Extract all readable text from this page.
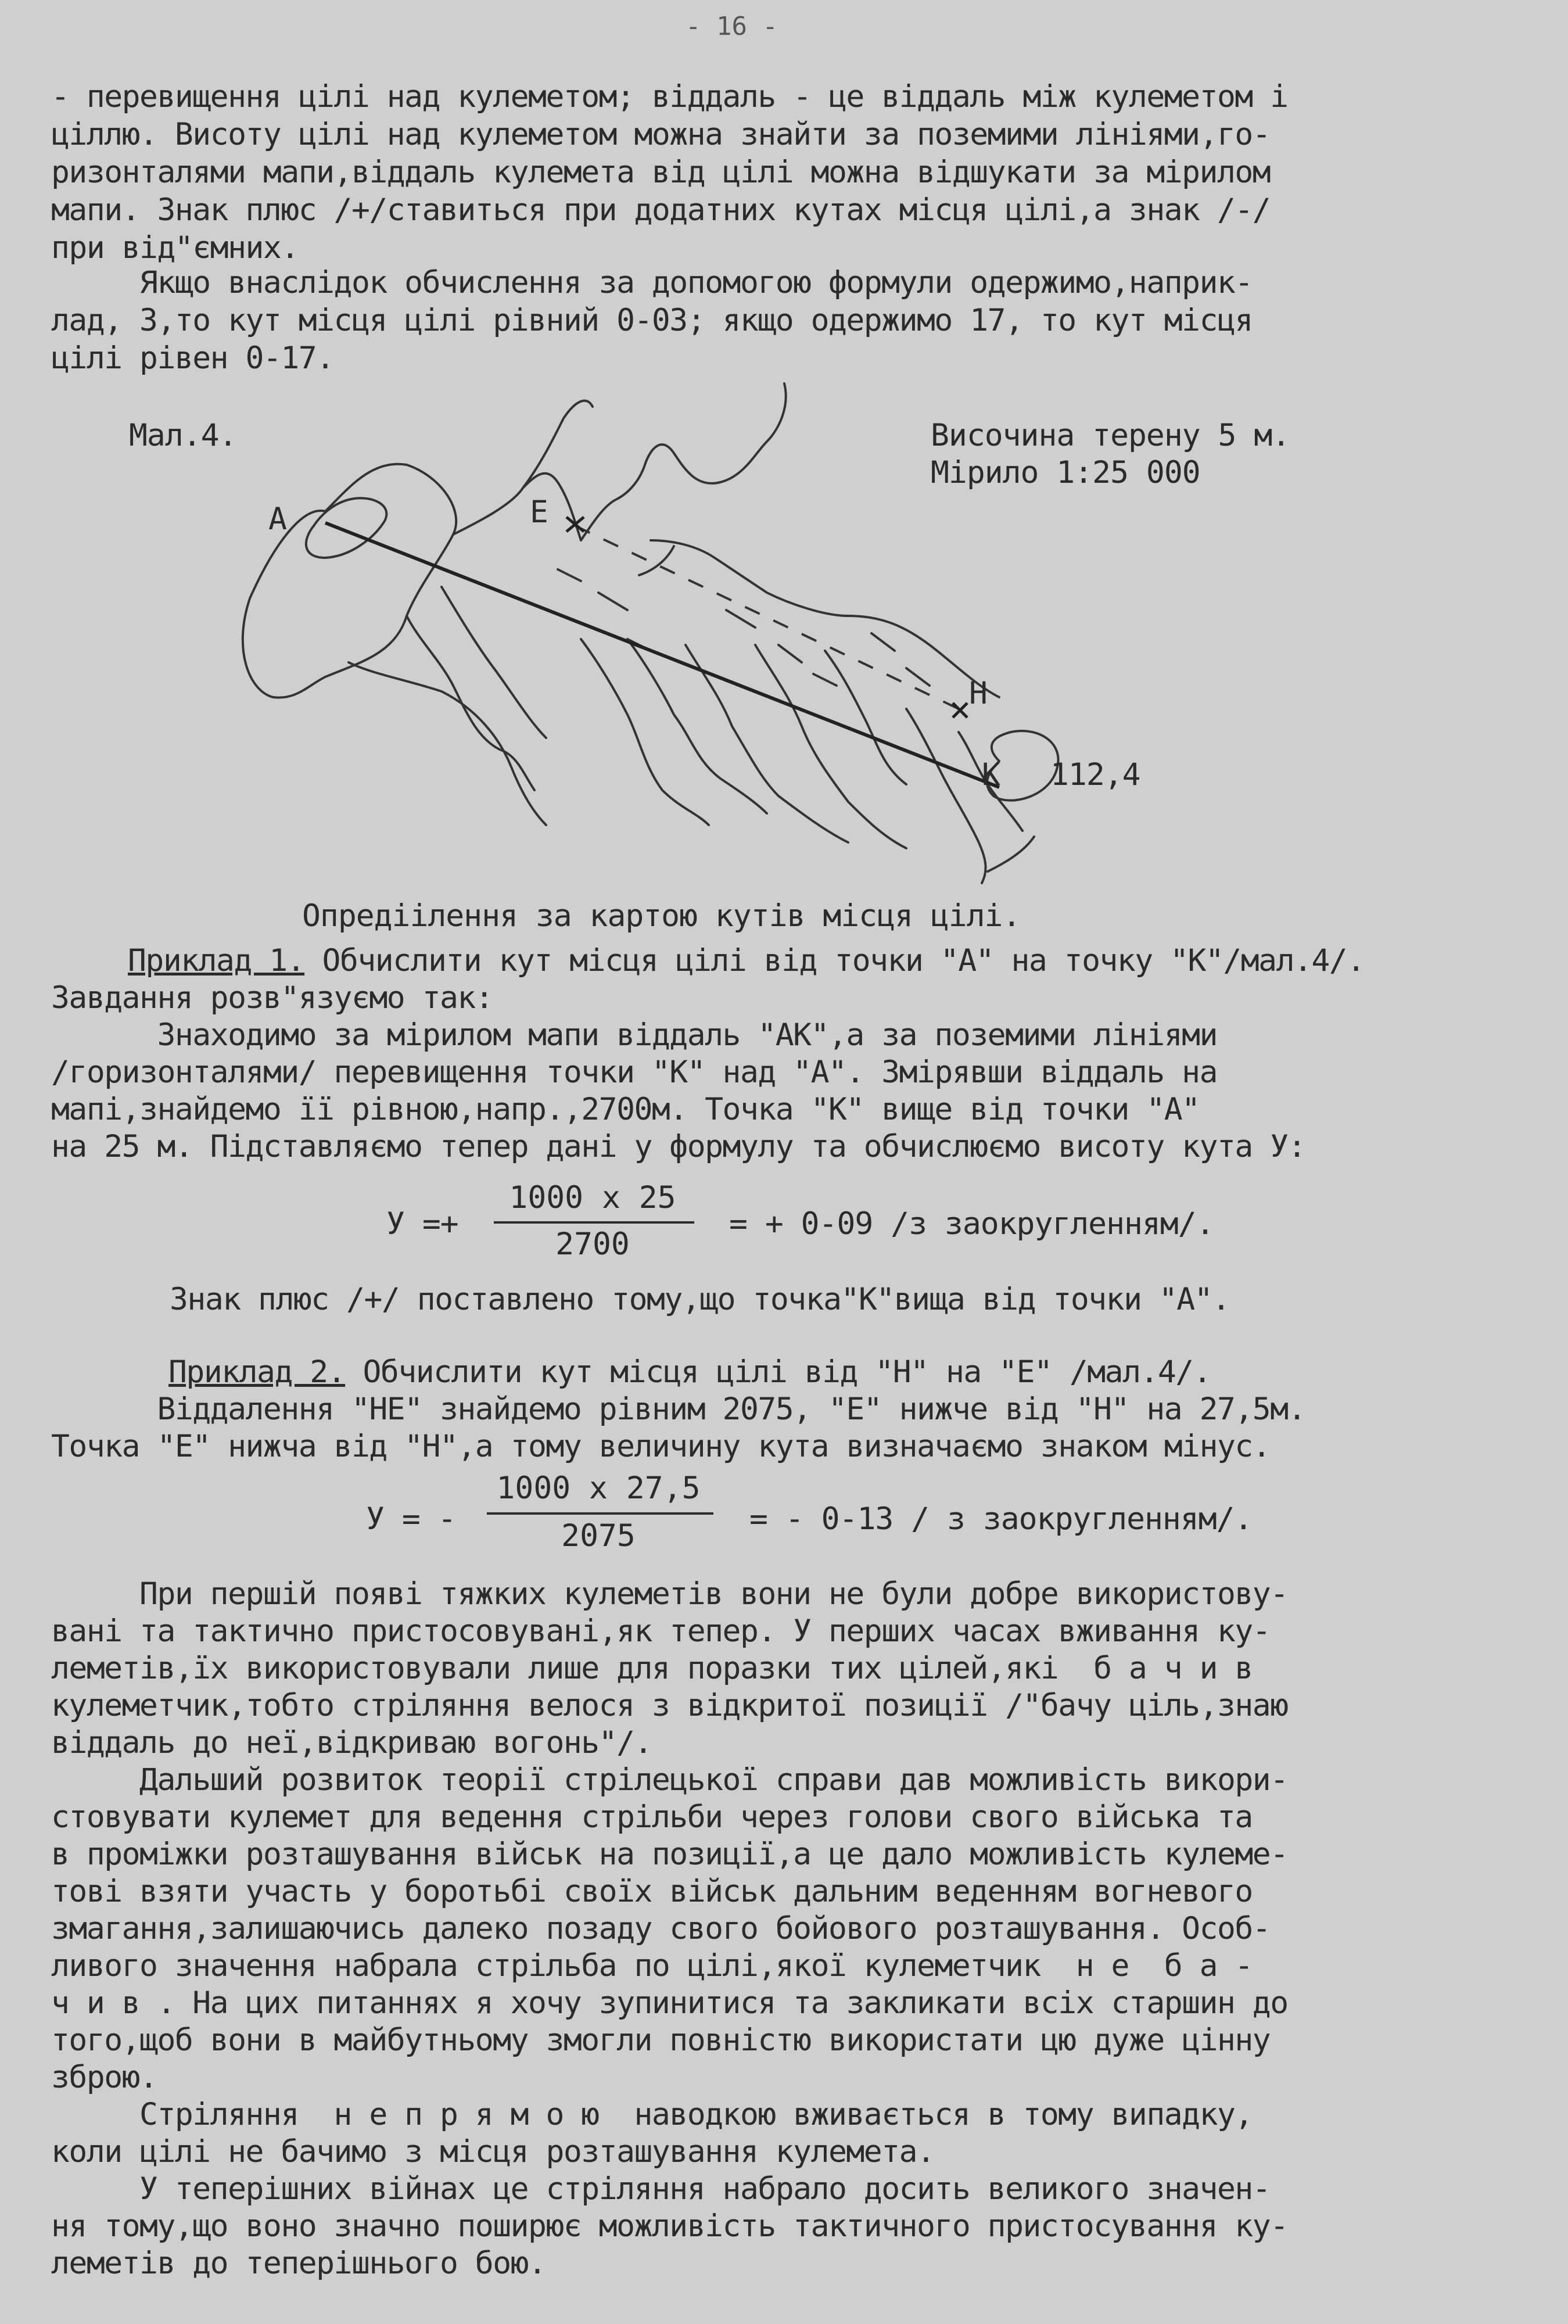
- 16 -
- перевищення цілі над кулеметом; віддаль - це віддаль між кулеметом і
ціллю. Висоту цілі над кулеметом можна знайти за поземими лініями,го-
ризонталями мапи,віддаль кулемета від цілі можна відшукати за мірилом
мапи. Знак плюс /+/ставиться при додатних кутах місця цілі,а знак /-/
при від"ємних.
Якщо внаслідок обчислення за допомогою формули одержимо,наприк-
лад, 3,то кут місця цілі рівний 0-03; якщо одержимо 17, то кут місця
цілі рівен 0-17.
Мал.4.	Височина терену 5 м.
Мірило 1:25 000
А	Е
Н
К 112,4
Опредіілення за картою кутів місця цілі.
Приклад 1. Обчислити кут місця цілі від точки "А" на точку "К"/мал.4/.
Завдання розв"язуємо так:
Знаходимо за мірилом мапи віддаль "АК",а за поземими лініями
/горизонталями/ перевищення точки "К" над "А". Змірявши віддаль на
мапі,знайдемо її рівною,напр.,2700м. Точка "К" вище від точки "А"
на 25 м. Підставляємо тепер дані у формулу та обчислюємо висоту кута У:
У =+
1000 х 25
2700
= + 0-09 /з заокругленням/.
Знак плюс /+/ поставлено тому,що точка"К"вища від точки "А".
Приклад 2. Обчислити кут місця цілі від "Н" на "Е" /мал.4/.
Віддалення "НЕ" знайдемо рівним 2075, "Е" нижче від "Н" на 27,5м.
Точка "Е" нижча від "Н",а тому величину кута визначаємо знаком мінус.
У = -
1000 х 27,5
2075	= - 0-13 / з заокругленням/.
При першій появі тяжких кулеметів вони не були добре використову-
вані та тактично пристосовувані,як тепер. У перших часах вживання ку-
леметів,їх використовували лише для поразки тих цілей,які  б а ч и в
кулеметчик,тобто стріляння велося з відкритої позиції /"бачу ціль,знаю
віддаль до неї,відкриваю вогонь"/.
Дальший розвиток теорії стрілецької справи дав можливість викори-
стовувати кулемет для ведення стрільби через голови свого війська та
в проміжки розташування військ на позиції,а це дало можливість кулеме-
тові взяти участь у боротьбі своїх військ дальним веденням вогневого
змагання,залишаючись далеко позаду свого бойового розташування. Особ-
ливого значення набрала стрільба по цілі,якої кулеметчик  н е  б а -
ч и в . На цих питаннях я хочу зупинитися та закликати всіх старшин до
того,щоб вони в майбутньому змогли повністю використати цю дуже цінну
зброю.
Стріляння  н е п р я м о ю  наводкою вживається в тому випадку,
коли цілі не бачимо з місця розташування кулемета.
У теперішних війнах це стріляння набрало досить великого значен-
ня тому,що воно значно поширює можливість тактичного пристосування ку-
леметів до теперішнього бою.
